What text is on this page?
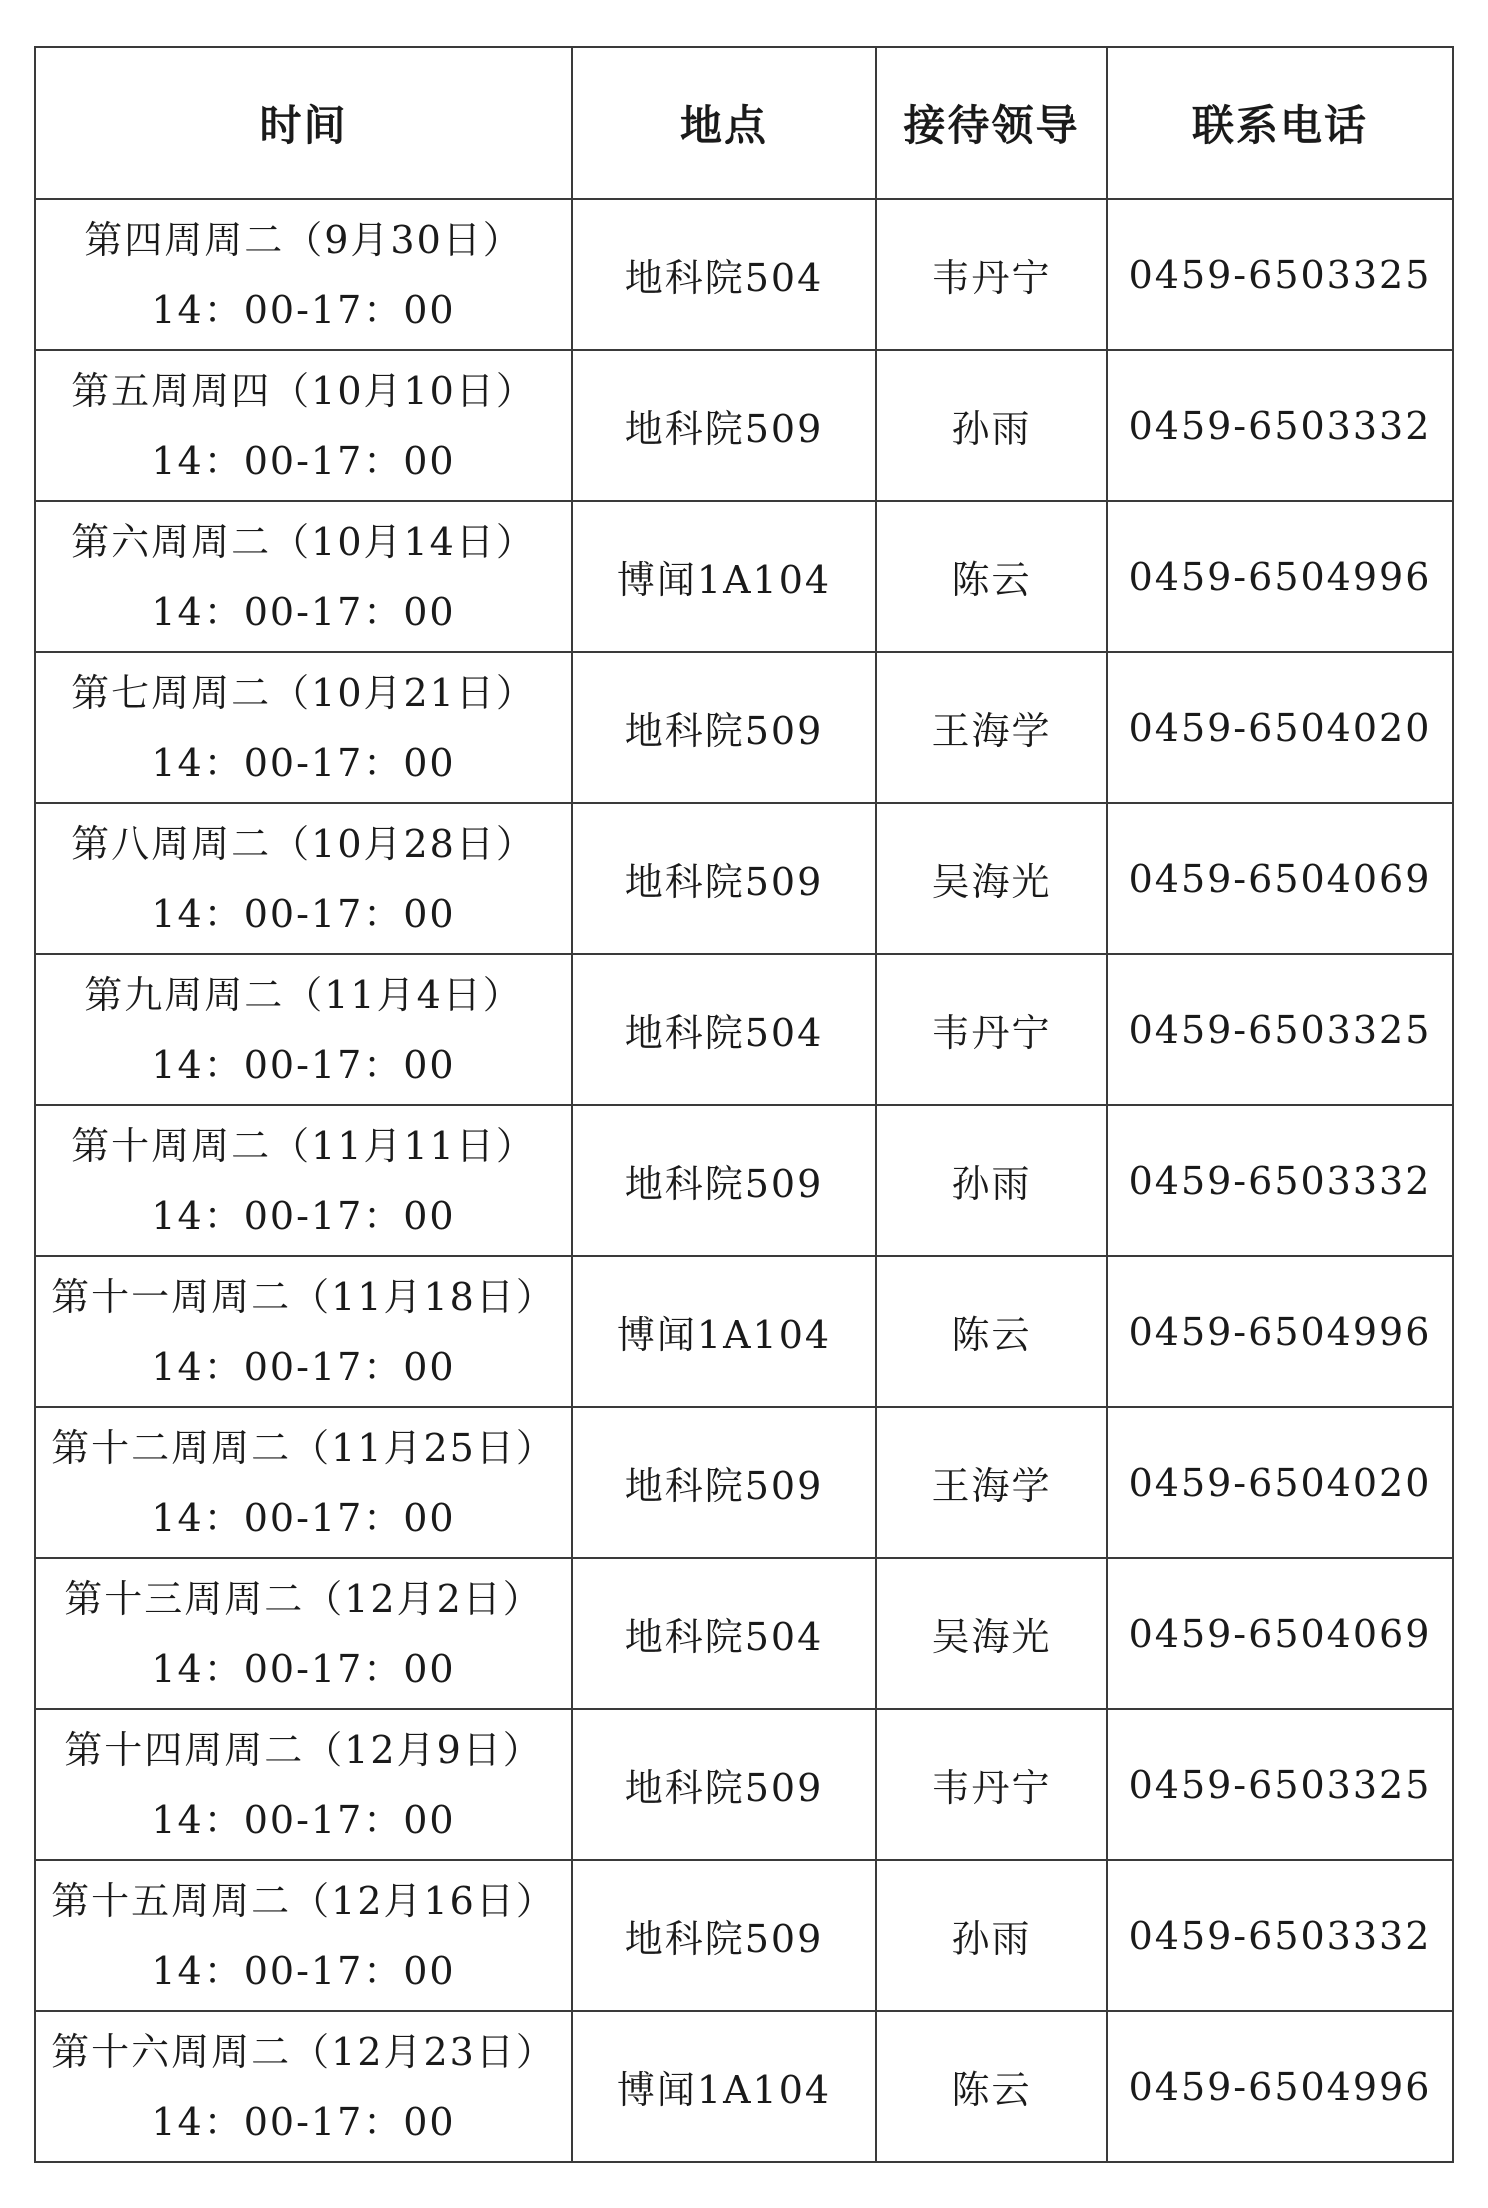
时间	地点	接待领导	联系电话

第四周周二（9月30日）
14：00-17：00	地科院504	韦丹宁	0459-6503325

第五周周四（10月10日）
14：00-17：00	地科院509	孙雨	0459-6503332

第六周周二（10月14日）
14：00-17：00	博闻1A104	陈云	0459-6504996

第七周周二（10月21日）
14：00-17：00	地科院509	王海学	0459-6504020

第八周周二（10月28日）
14：00-17：00	地科院509	吴海光	0459-6504069

第九周周二（11月4日）
14：00-17：00	地科院504	韦丹宁	0459-6503325

第十周周二（11月11日）
14：00-17：00	地科院509	孙雨	0459-6503332

第十一周周二（11月18日）
14：00-17：00	博闻1A104	陈云	0459-6504996

第十二周周二（11月25日）
14：00-17：00	地科院509	王海学	0459-6504020

第十三周周二（12月2日）
14：00-17：00	地科院504	吴海光	0459-6504069

第十四周周二（12月9日）
14：00-17：00	地科院509	韦丹宁	0459-6503325

第十五周周二（12月16日）
14：00-17：00	地科院509	孙雨	0459-6503332

第十六周周二（12月23日）
14：00-17：00	博闻1A104	陈云	0459-6504996
